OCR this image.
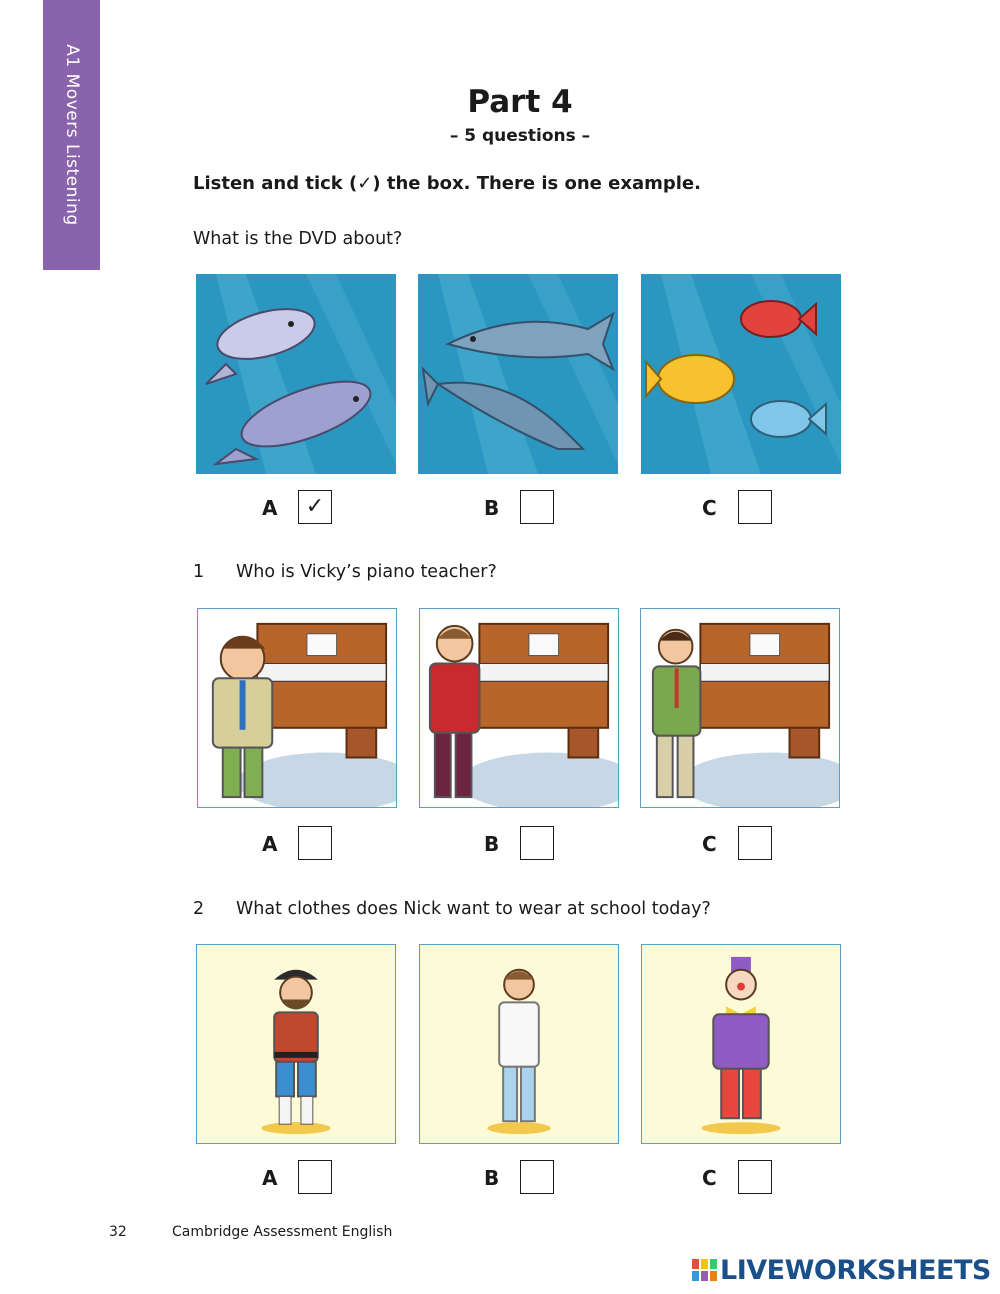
A1 Movers Listening	Part 4
– 5 questions –
Listen and tick (✓) the box. There is one example.
What is the DVD about?
A	✓	B	C
1 Who is Vicky’s piano teacher?
A	B	C
2 What clothes does Nick want to wear at school today?
A	B	C
32	Cambridge Assessment English
LIVEWORKSHEETS
